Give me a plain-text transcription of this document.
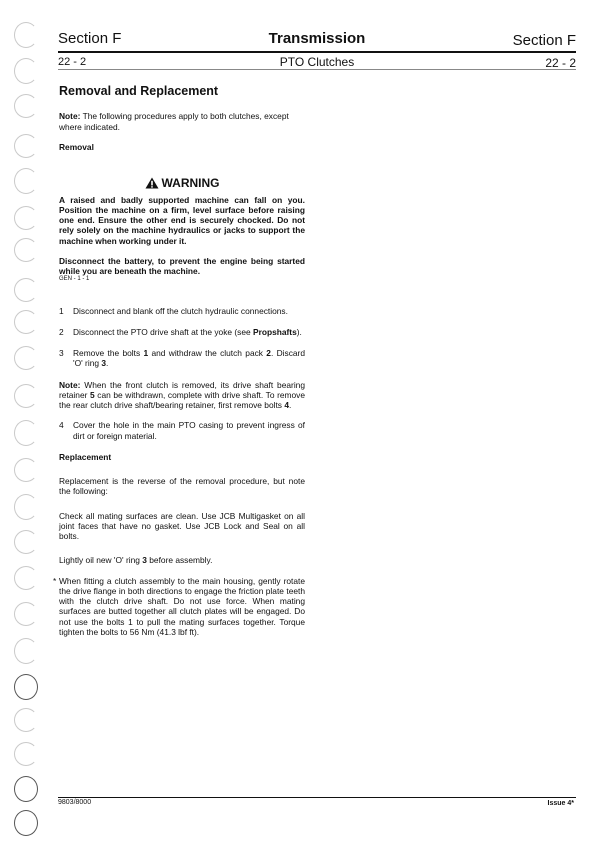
Section F	Transmission	Section F
22 - 2	PTO Clutches	22 - 2
Removal and Replacement

Note: The following procedures apply to both clutches, except where indicated.

Removal
WARNING
A raised and badly supported machine can fall on you. Position the machine on a firm, level surface before raising one end. Ensure the other end is securely chocked. Do not rely solely on the machine hydraulics or jacks to support the machine when working under it.
Disconnect the battery, to prevent the engine being started while you are beneath the machine.
GEN - 1 - 1
1	Disconnect and blank off the clutch hydraulic connections.
2	Disconnect the PTO drive shaft at the yoke (see Propshafts).
3	Remove the bolts 1 and withdraw the clutch pack 2. Discard 'O' ring 3.

Note: When the front clutch is removed, its drive shaft bearing retainer 5 can be withdrawn, complete with drive shaft. To remove the rear clutch drive shaft/bearing retainer, first remove bolts 4.

4	Cover the hole in the main PTO casing to prevent ingress of dirt or foreign material.
Replacement

Replacement is the reverse of the removal procedure, but note the following:

Check all mating surfaces are clean. Use JCB Multigasket on all joint faces that have no gasket. Use JCB Lock and Seal on all bolts.

Lightly oil new 'O' ring 3 before assembly.

* When fitting a clutch assembly to the main housing, gently rotate the drive flange in both directions to engage the friction plate teeth with the clutch drive shaft. Do not use force. When mating surfaces are butted together all clutch plates will be engaged. Do not use the bolts 1 to pull the mating surfaces together. Torque tighten the bolts to 56 Nm (41.3 lbf ft).

9803/8000	Issue 4*
